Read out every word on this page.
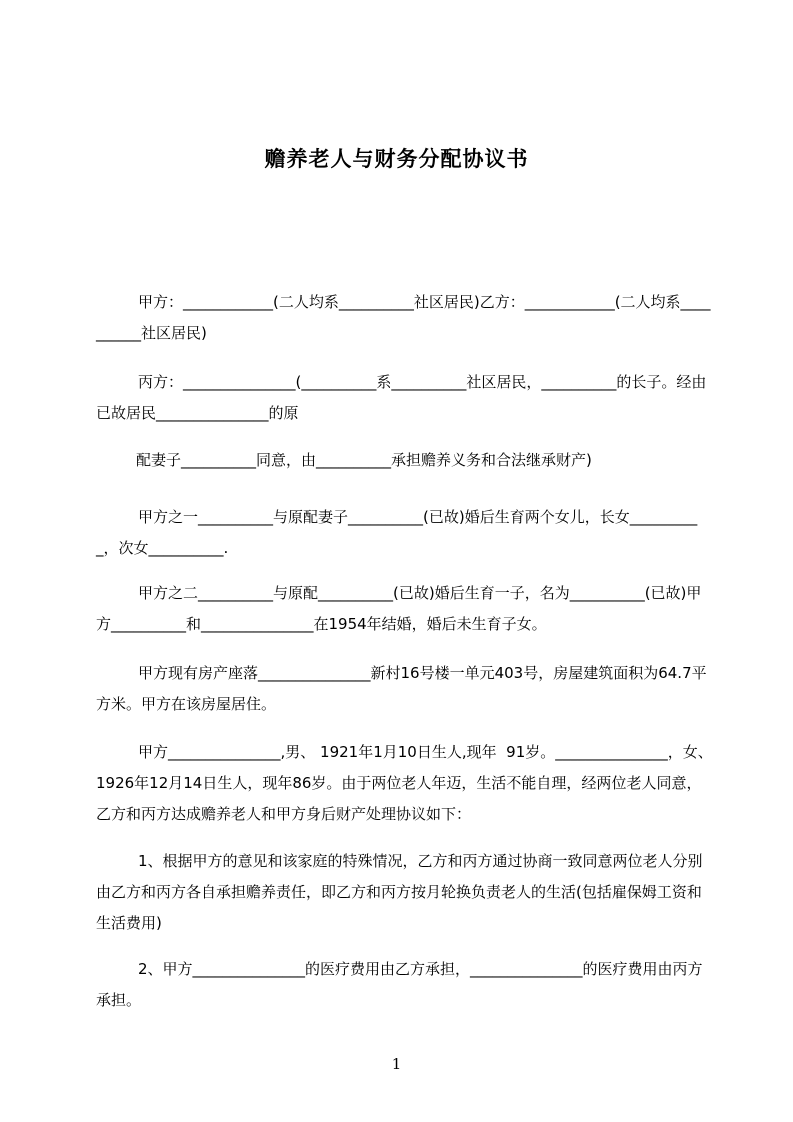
赡养老人与财务分配协议书

甲方：____________(二人均系__________社区居民)乙方：____________(二人均系__________社区居民)

丙方：_______________(__________系__________社区居民，__________的长子。经由已故居民_______________的原

配妻子__________同意，由__________承担赡养义务和合法继承财产)

甲方之一__________与原配妻子__________(已故)婚后生育两个女儿，长女__________，次女__________.

甲方之二__________与原配__________(已故)婚后生育一子，名为__________(已故)甲方__________和_______________在1954年结婚，婚后未生育子女。

甲方现有房产座落_______________新村16号楼一单元403号，房屋建筑面积为64.7平方米。甲方在该房屋居住。

甲方_______________,男、 1921年1月10日生人,现年  91岁。_______________，女、1926年12月14日生人，现年86岁。由于两位老人年迈，生活不能自理，经两位老人同意，乙方和丙方达成赡养老人和甲方身后财产处理协议如下：

1、根据甲方的意见和该家庭的特殊情况，乙方和丙方通过协商一致同意两位老人分别由乙方和丙方各自承担赡养责任，即乙方和丙方按月轮换负责老人的生活(包括雇保姆工资和生活费用)

2、甲方_______________的医疗费用由乙方承担，_______________的医疗费用由丙方承担。

1
